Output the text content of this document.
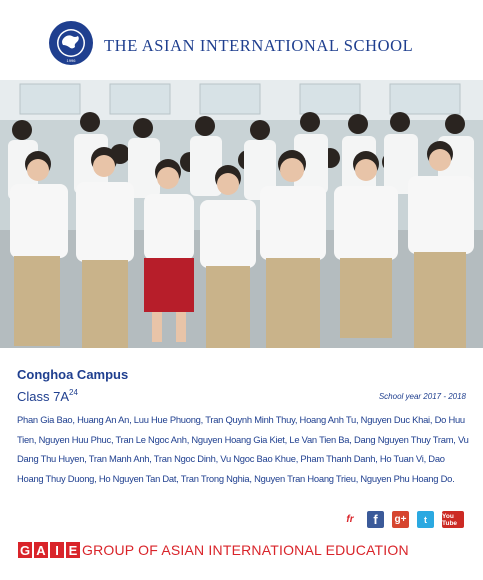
1996
THE ASIAN INTERNATIONAL SCHOOL
Conghoa Campus
Class $7A^{24}$	School year 2017 - 2018
Phan Gia Bao, Huang An An, Luu Hue Phuong, Tran Quynh Minh Thuy, Hoang Anh Tu, Nguyen Duc Khai, Do Huu Tien, Nguyen Huu Phuc, Tran Le Ngoc Anh, Nguyen Hoang Gia Kiet, Le Van Tien Ba, Dang Nguyen Thuy Tram, Vu Dang Thu Huyen, Tran Manh Anh, Tran Ngoc Dinh, Vu Ngoc Bao Khue, Pham Thanh Danh, Ho Tuan Vi, Dao Hoang Thuy Duong, Ho Nguyen Tan Dat, Tran Trong Nghia, Nguyen Tran Hoang Trieu, Nguyen Phu Hoang Do.
fr	f	g+	t	You Tube
G A I E GROUP OF ASIAN INTERNATIONAL EDUCATION
